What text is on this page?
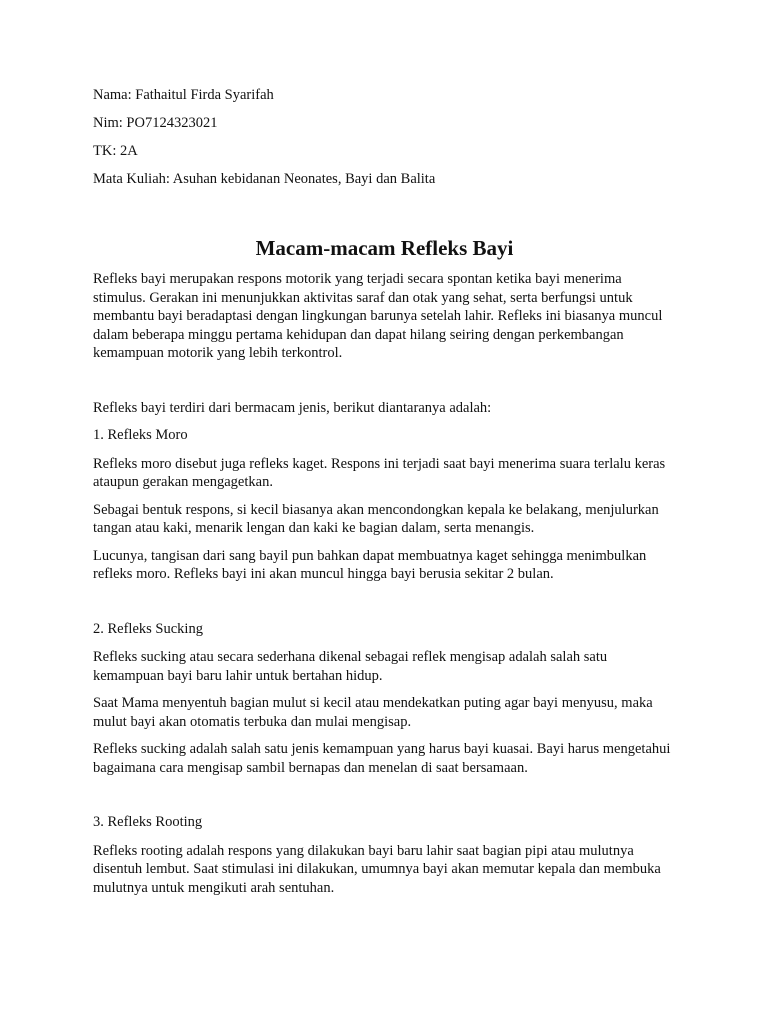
Nama: Fathaitul Firda Syarifah

Nim: PO7124323021

TK: 2A

Mata Kuliah: Asuhan kebidanan Neonates, Bayi dan Balita

Macam-macam Refleks Bayi

Refleks bayi merupakan respons motorik yang terjadi secara spontan ketika bayi menerima stimulus. Gerakan ini menunjukkan aktivitas saraf dan otak yang sehat, serta berfungsi untuk membantu bayi beradaptasi dengan lingkungan barunya setelah lahir. Refleks ini biasanya muncul dalam beberapa minggu pertama kehidupan dan dapat hilang seiring dengan perkembangan kemampuan motorik yang lebih terkontrol.

Refleks bayi terdiri dari bermacam jenis, berikut diantaranya adalah:

1. Refleks Moro

Refleks moro disebut juga refleks kaget. Respons ini terjadi saat bayi menerima suara terlalu keras ataupun gerakan mengagetkan.

Sebagai bentuk respons, si kecil biasanya akan mencondongkan kepala ke belakang, menjulurkan tangan atau kaki, menarik lengan dan kaki ke bagian dalam, serta menangis.

Lucunya, tangisan dari sang bayil pun bahkan dapat membuatnya kaget sehingga menimbulkan refleks moro. Refleks bayi ini akan muncul hingga bayi berusia sekitar 2 bulan.

2. Refleks Sucking

Refleks sucking atau secara sederhana dikenal sebagai reflek mengisap adalah salah satu kemampuan bayi baru lahir untuk bertahan hidup.

Saat Mama menyentuh bagian mulut si kecil atau mendekatkan puting agar bayi menyusu, maka mulut bayi akan otomatis terbuka dan mulai mengisap.

Refleks sucking adalah salah satu jenis kemampuan yang harus bayi kuasai. Bayi harus mengetahui bagaimana cara mengisap sambil bernapas dan menelan di saat bersamaan.

3. Refleks Rooting

Refleks rooting adalah respons yang dilakukan bayi baru lahir saat bagian pipi atau mulutnya disentuh lembut. Saat stimulasi ini dilakukan, umumnya bayi akan memutar kepala dan membuka mulutnya untuk mengikuti arah sentuhan.
